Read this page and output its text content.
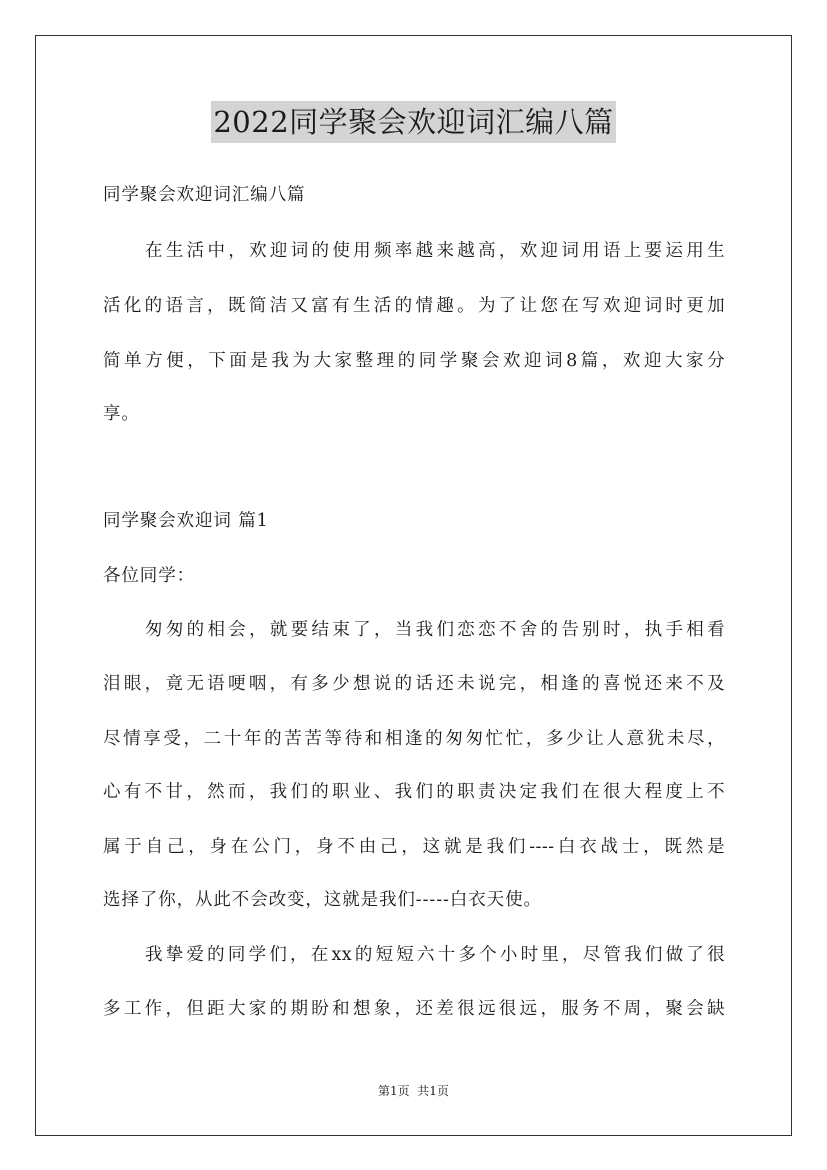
2022同学聚会欢迎词汇编八篇
同学聚会欢迎词汇编八篇
在生活中，欢迎词的使用频率越来越高，欢迎词用语上要运用生
活化的语言，既简洁又富有生活的情趣。为了让您在写欢迎词时更加
简单方便，下面是我为大家整理的同学聚会欢迎词8篇，欢迎大家分
享。
同学聚会欢迎词 篇1
各位同学：
匆匆的相会，就要结束了，当我们恋恋不舍的告别时，执手相看
泪眼，竟无语哽咽，有多少想说的话还未说完，相逢的喜悦还来不及
尽情享受，二十年的苦苦等待和相逢的匆匆忙忙，多少让人意犹未尽，
心有不甘，然而，我们的职业、我们的职责决定我们在很大程度上不
属于自己，身在公门，身不由己，这就是我们----白衣战士，既然是
选择了你，从此不会改变，这就是我们-----白衣天使。
我挚爱的同学们，在xx的短短六十多个小时里，尽管我们做了很
多工作，但距大家的期盼和想象，还差很远很远，服务不周，聚会缺
第1页  共1页
